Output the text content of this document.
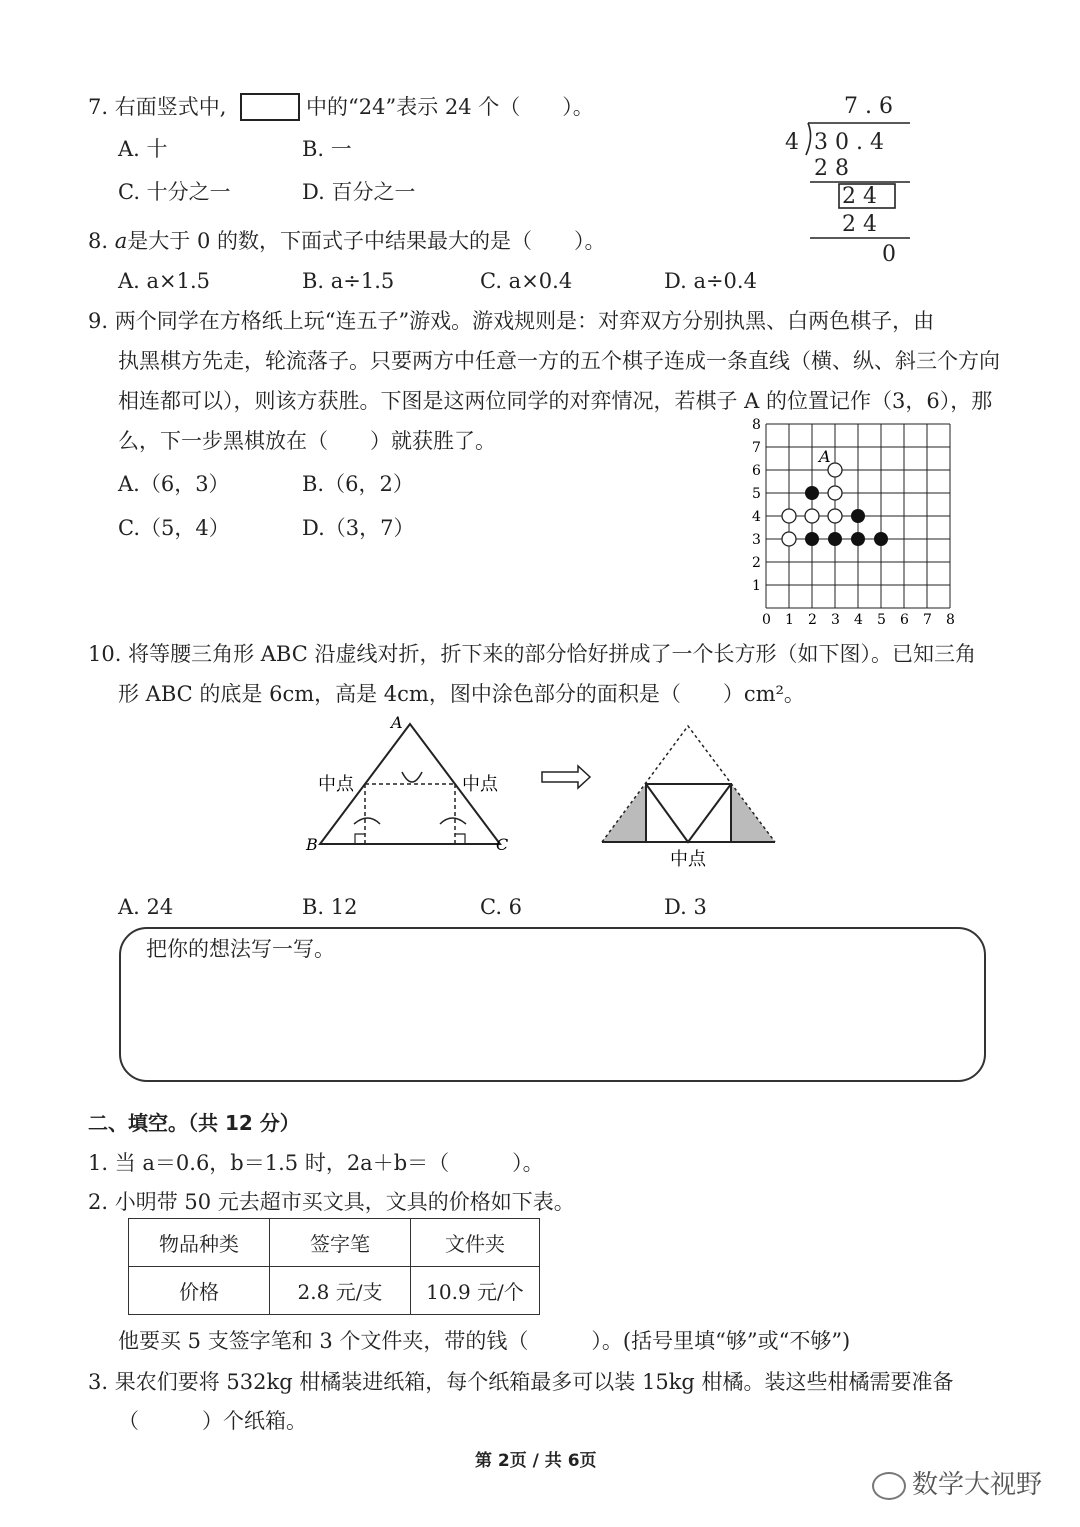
7. 右面竖式中,	中的“24”表示 24 个（　　）。
A. 十	B. 一
C. 十分之一	D. 百分之一
7 . 6
4 3 0 . 4
2 8
2 4
2 4
0
8. a是大于 0 的数，下面式子中结果最大的是（　　）。
A. a×1.5	B. a÷1.5	C. a×0.4	D. a÷0.4
9. 两个同学在方格纸上玩“连五子”游戏。游戏规则是：对弈双方分别执黑、白两色棋子，由
执黑棋方先走，轮流落子。只要两方中任意一方的五个棋子连成一条直线（横、纵、斜三个方向
相连都可以），则该方获胜。下图是这两位同学的对弈情况，若棋子 A 的位置记作（3，6），那
么，下一步黑棋放在（　　）就获胜了。
A.（6，3）	B.（6，2）
C.（5，4）	D.（3，7）
0 1
1
2
2
3
3
4
4
5
5
6
6
7
7
8
8
A
10. 将等腰三角形 ABC 沿虚线对折，折下来的部分恰好拼成了一个长方形（如下图）。已知三角
形 ABC 的底是 6cm，高是 4cm，图中涂色部分的面积是（　　）cm²。
A
B	C
中点	中点
中点
A. 24	B. 12	C. 6	D. 3
把你的想法写一写。
二、填空。（共 12 分）
1. 当 a＝0.6，b＝1.5 时，2a＋b＝（　　　）。
2. 小明带 50 元去超市买文具，文具的价格如下表。
物品种类	签字笔	文件夹
价格	2.8 元/支	10.9 元/个
他要买 5 支签字笔和 3 个文件夹，带的钱（　　　）。(括号里填“够”或“不够”)
3. 果农们要将 532kg 柑橘装进纸箱，每个纸箱最多可以装 15kg 柑橘。装这些柑橘需要准备
（　　　）个纸箱。
第 2页 / 共 6页
数学大视野
